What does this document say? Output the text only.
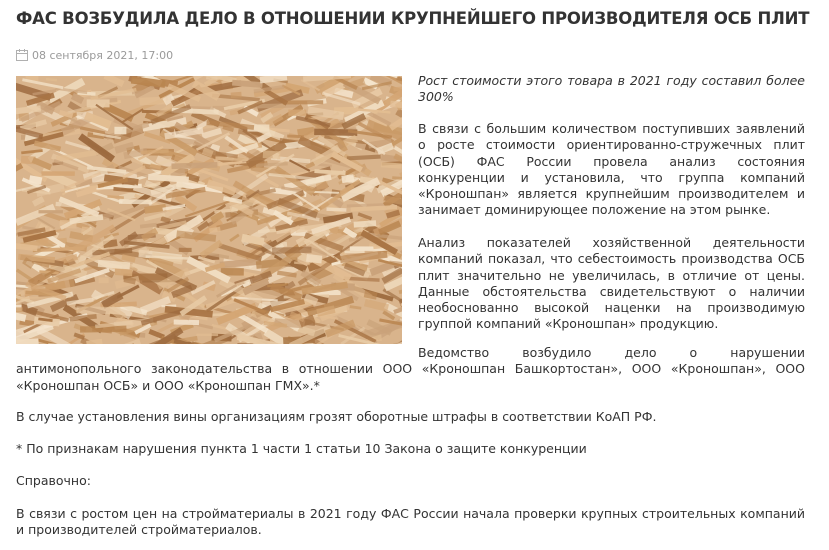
ФАС ВОЗБУДИЛА ДЕЛО В ОТНОШЕНИИ КРУПНЕЙШЕГО ПРОИЗВОДИТЕЛЯ ОСБ ПЛИТ
08 сентября 2021, 17:00
Рост стоимости этого товара в 2021 году составил более 300%
В связи с большим количеством поступивших заявлений о росте стоимости ориентированно-стружечных плит (ОСБ) ФАС России провела анализ состояния конкуренции и установила, что группа компаний «Кроношпан» является крупнейшим производителем и занимает доминирующее положение на этом рынке.
Анализ показателей хозяйственной деятельности компаний показал, что себестоимость производства ОСБ плит значительно не увеличилась, в отличие от цены. Данные обстоятельства свидетельствуют о наличии необоснованно высокой наценки на производимую группой компаний «Кроношпан» продукцию.
Ведомство возбудило дело о нарушении антимонопольного законодательства в отношении ООО «Кроношпан Башкортостан», ООО «Кроношпан», ООО «Кроношпан ОСБ» и ООО «Кроношпан ГМХ».*
В случае установления вины организациям грозят оборотные штрафы в соответствии КоАП РФ.
* По признакам нарушения пункта 1 части 1 статьи 10 Закона о защите конкуренции
Справочно:
В связи с ростом цен на стройматериалы в 2021 году ФАС России начала проверки крупных строительных компаний и производителей стройматериалов.
